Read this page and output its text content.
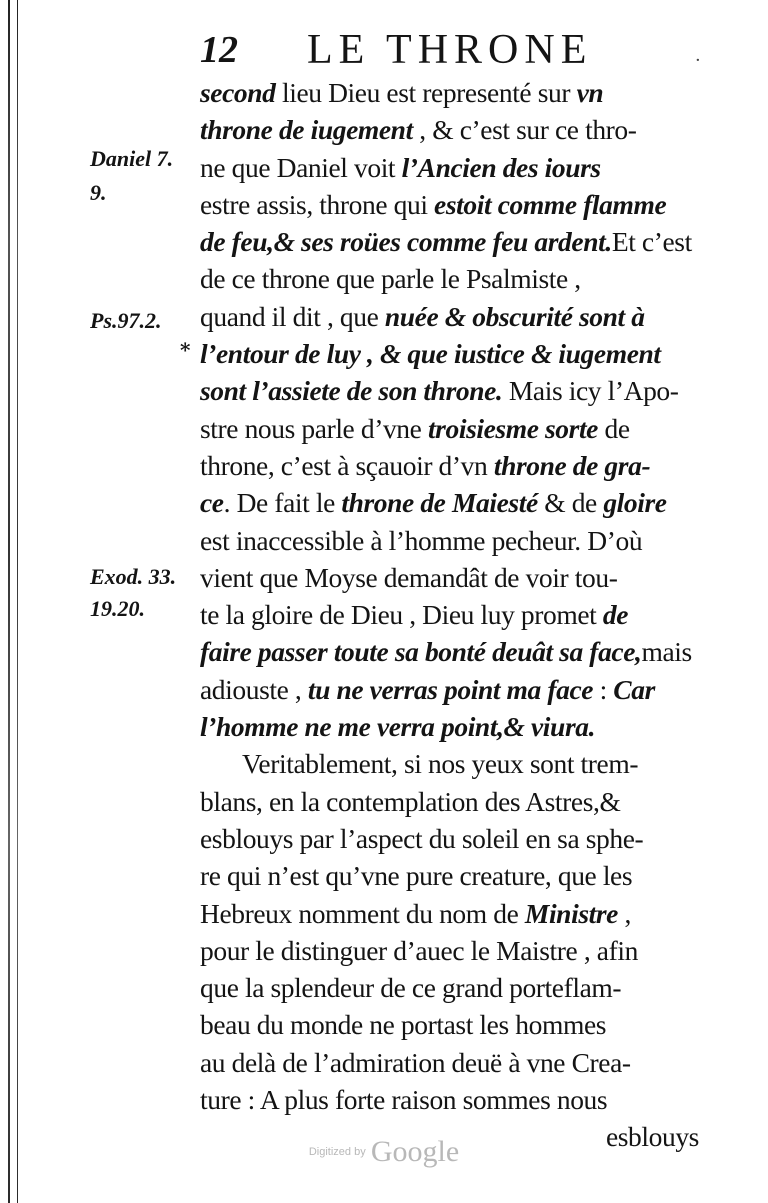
12 LE THRONE	·
Daniel 7.
9.
Ps.97.2.
Exod. 33.
19.20.
*
second lieu Dieu est representé sur vn
throne de iugement , & c’est sur ce thro-
ne que Daniel voit l’Ancien des iours
estre assis, throne qui estoit comme flamme
de feu,& ses roües comme feu ardent.Et c’est
de ce throne que parle le Psalmiste ,
quand il dit , que nuée & obscurité sont à
l’entour de luy , & que iustice & iugement
sont l’assiete de son throne. Mais icy l’Apo-
stre nous parle d’vne troisiesme sorte de
throne, c’est à sçauoir d’vn throne de gra-
ce. De fait le throne de Maiesté & de gloire
est inaccessible à l’homme pecheur. D’où
vient que Moyse demandât de voir tou-
te la gloire de Dieu , Dieu luy promet de
faire passer toute sa bonté deuât sa face,mais
adiouste , tu ne verras point ma face : Car
l’homme ne me verra point,& viura.
Veritablement, si nos yeux sont trem-
blans, en la contemplation des Astres,&
esblouys par l’aspect du soleil en sa sphe-
re qui n’est qu’vne pure creature, que les
Hebreux nomment du nom de Ministre ,
pour le distinguer d’auec le Maistre , afin
que la splendeur de ce grand porteflam-
beau du monde ne portast les hommes
au delà de l’admiration deuë à vne Crea-
ture : A plus forte raison sommes nous
esblouys
Digitized by Google
